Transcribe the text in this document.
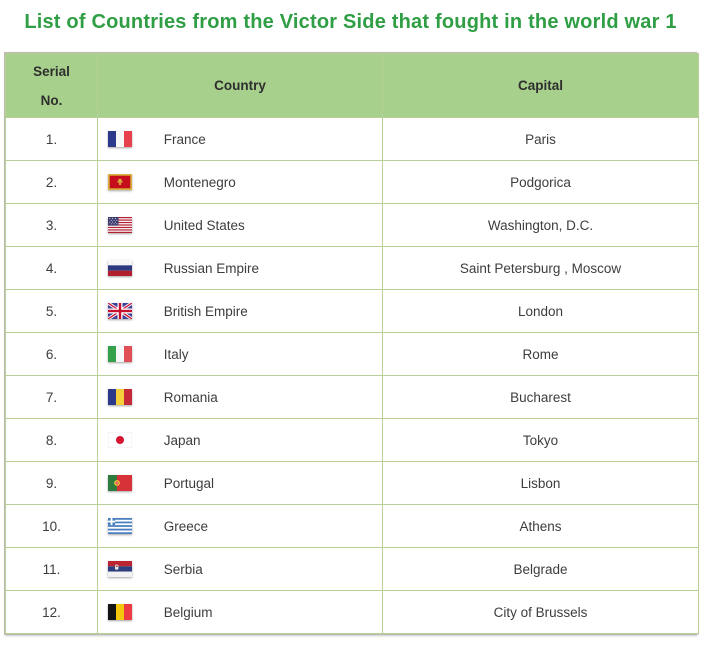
List of Countries from the Victor Side that fought in the world war 1
Serial
No.	Country	Capital
1.	France	Paris
2.	Montenegro	Podgorica
3.	United States	Washington, D.C.
4.	Russian Empire	Saint Petersburg , Moscow
5.	British Empire	London
6.	Italy	Rome
7.	Romania	Bucharest
8.	Japan	Tokyo
9.	Portugal	Lisbon
10.	Greece	Athens
11.	Serbia	Belgrade
12.	Belgium	City of Brussels
